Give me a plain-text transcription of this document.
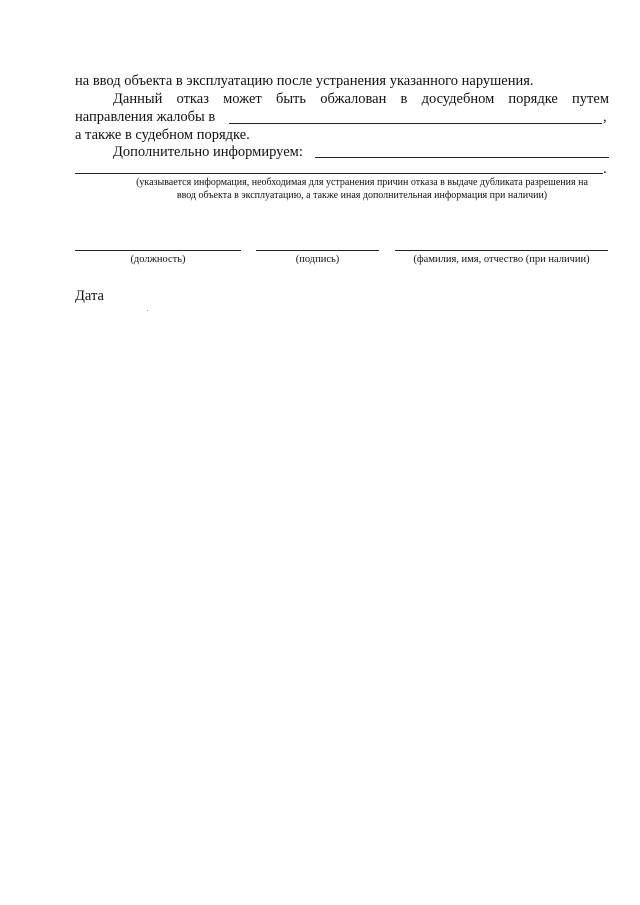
на ввод объекта в эксплуатацию после устранения указанного нарушения.
Данный отказ может быть обжалован в досудебном порядке путем
направления жалобы в	,
а также в судебном порядке.
Дополнительно информируем:
.
(указывается информация, необходимая для устранения причин отказа в выдаче дубликата разрешения на
ввод объекта в эксплуатацию, а также иная дополнительная информация при наличии)
(должность)	(подпись)	(фамилия, имя, отчество (при наличии)
Дата
